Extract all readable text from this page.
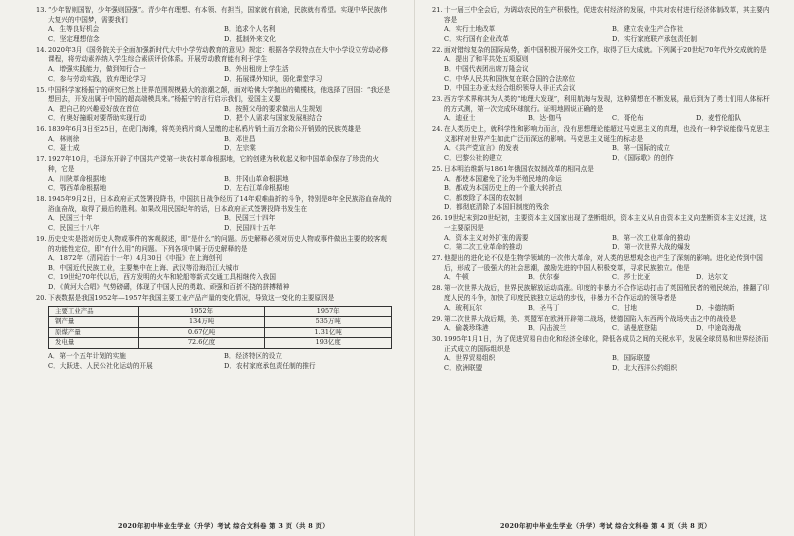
13.“少年智则国智，少年强则国强”。青少年有理想、有本领、有担当，国家就有前途，民族就有希望。实现中华民族伟大复兴的中国梦，需要我们
A．生等良好机会	B．追求个人名利
C．坚定理想信念	D．抵制外来文化
14.2020年3月《国务院关于全面加强新时代大中小学劳动教育的意见》规定：根据各学段特点在大中小学设立劳动必修课程，将劳动素养纳入学生综合素质评价体系。开展劳动教育能有利于学生
A．增强实践能力，做到知行合一	B．外出租房上学生活
C．参与劳动实践，放弃理论学习	D．拓展课外知识，弱化课堂学习
15.中国科学家杨振宁的研究已然上世界范围规模最大的浪潮之颠，面对哈佛大学抛出的橄榄枝，他选择了回国：“我还是想回去，开发出属于中国的超高端模具来。”杨振宁的言行启示我们，爱国主义要
A．把自己的兴趣爱好放在首位	B．按照父母的要求做出人生规划
C．有奥好撞眼对要帮助实现行动	D．把个人需求与国家发展相结合
16.1839年6月3日至25日，在虎门海滩，将英美鸦片商人呈缴的走私鸦片销土而万余箱公开销毁的民族英雄是
A．林则徐	B．邓世昌
C．聂士成	D．左宗棠
17.1927年10月，毛泽东开辟了中国共产党第一块农村革命根据地，它的创建为秋收起义和中国革命保存了珍贵的火种，它是
A．川陕革命根据地	B．井冈山革命根据地
C．鄂西革命根据地	D．左右江革命根据地
18.1945年9月2日，日本政府正式签署投降书，中国抗日战争经历了14年艰难曲折的斗争，特别是8年全民族浴血奋战的浴血奋战，取得了最后的胜利。如果改用民国纪年的话，日本政府正式签署投降书发生在
A．民国三十年	B．民国三十四年
C．民国三十八年	D．民国四十五年
19.历史史实是指对历史人物或事件的客观叙述，即“是什么”的问题。历史解释必须对历史人物或事件做出主要的较客观的功能性定位，即“有什么用”的问题。下列各项中属于历史解释的是
A．1872年（清同治十一年）4月30日《申报》在上海创刊
B．中国近代民族工业，主要集中在上海、武汉等沿海沿江大城市
C．19世纪70年代以后，西方发明的火车和轮船等新式交通工具相继传入我国
D．《黄河大合唱》气势磅礴，体现了中国人民的勇敢、顽强和百折不挠的拼搏精神
20.下表数据是我国1952年—1957年我国主要工业产品产量的变化情况，导致这一变化的主要原因是
主要工业产品	1952年	1957年
钢产量	134万吨	535万吨
原煤产量	0.67亿吨	1.31亿吨
发电量	72.6亿度	193亿度
A．第一个五年计划的实施	B．经济特区的设立
C．大跃进、人民公社化运动的开展	D．农村家庭承包责任制的推行
21.十一届三中全会后，为调动农民的生产积极性，促进农村经济的发展，中共对农村进行经济体制改革，其主要内容是
A．实行土地改革	B．建立农业生产合作社
C．实行国有企业改革	D．实行家庭联产承包责任制
22.面对错综复杂的国际局势，新中国积极开展外交工作，取得了巨大成就。下列属于20世纪70年代外交成就的是
A．提出了和平共处五项原则
B．中国代表团出席万隆会议
C．中华人民共和国恢复在联合国的合法席位
D．中国主办亚太经合组织领导人非正式会议
23.西方学术界称其为人类的“地理大发现”，利用航海与发现，这种猜想在不断发展，最后到为了勇士们用人体标杆的方式测，第一次完成环球航行。证明地圆说正确的是
A．迪亚士	B．达·伽马	C．哥伦布	D．麦哲伦船队
24.在人类历史上，就科学性和影响力而言，没有思想理论能超过马克思主义的真理，也没有一种学说能像马克思主义那样对世界产生如此广泛而深远的影响。马克思主义诞生的标志是
A．《共产党宣言》的发表	B．第一国际的成立
C．巴黎公社的建立	D．《国际歌》的创作
25.日本明治维新与1861年俄国农奴制改革的相同点是
A．都使本国避免了沦为半殖民地的命运
B．都成为本国历史上的一个重大转折点
C．都废除了本国的农奴制
D．都彻底清除了本国旧制度的残余
26.19世纪末到20世纪初，主要资本主义国家出现了垄断组织，资本主义从自由资本主义向垄断资本主义过渡，这一主要原因是
A．资本主义对外扩张的需要	B．第一次工业革命的推动
C．第二次工业革命的推动	D．第一次世界大战的爆发
27.他提出的进化论不仅是生物学领域的一次伟大革命，对人类的思想观念也产生了深刻的影响。进化论传到中国后，形成了一股强大的社会思潮，激励先进的中国人积极变革，寻求民族独立。他是
A．牛顿	B．伏尔泰	C．莎士比亚	D．达尔文
28.第一次世界大战后，世界民族解放运动高涨。印度的非暴力不合作运动打击了英国殖民者的殖民统治，推翻了印度人民的斗争，加快了印度民族独立运动的步伐，非暴力不合作运动的领导者是
A．玻利瓦尔	B．圣马丁	C．甘地	D．卡德纳斯
29.第二次世界大战后期，美、英盟军在欧洲开辟第二战场，使德国陷入东西两个战场夹击之中的战役是
A．偷袭珍珠港	B．闪击波兰	C．诺曼底登陆	D．中途岛海战
30.1995年1月1日，为了促进贸易自由化和经济全球化，降低各成员之间的关税水平，发展全球贸易和世界经济而正式成立的国际组织是
A．世界贸易组织	B．国际联盟
C．欧洲联盟	D．北大西洋公约组织
2020年初中毕业生学业（升学）考试 综合文科卷 第 3 页（共 8 页）	2020年初中毕业生学业（升学）考试 综合文科卷 第 4 页（共 8 页）
